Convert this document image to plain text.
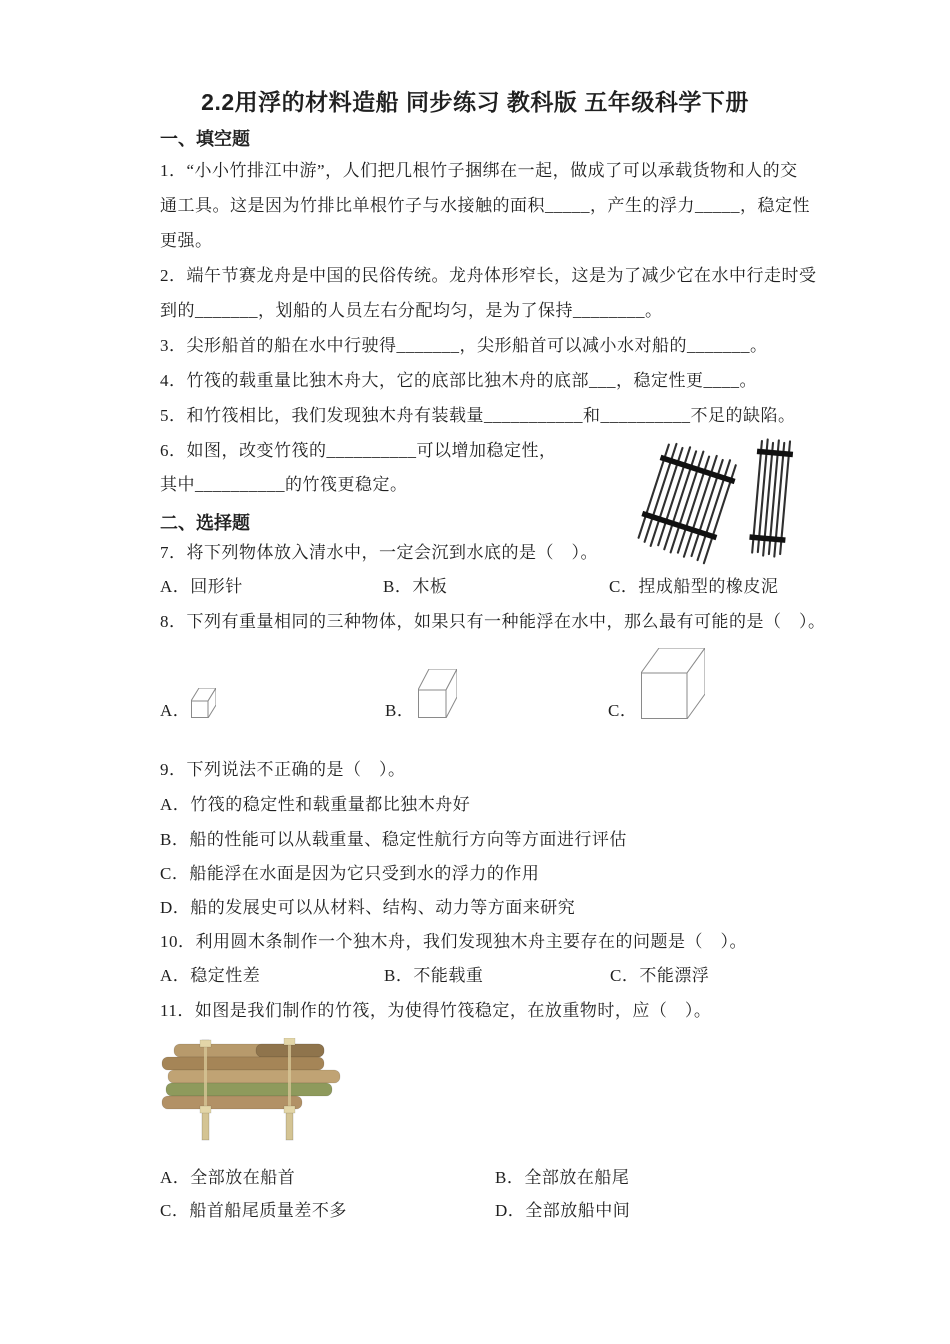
2.2用浮的材料造船 同步练习 教科版 五年级科学下册
一、填空题
1．“小小竹排江中游”，人们把几根竹子捆绑在一起，做成了可以承载货物和人的交
通工具。这是因为竹排比单根竹子与水接触的面积_____，产生的浮力_____，稳定性
更强。
2．端午节赛龙舟是中国的民俗传统。龙舟体形窄长，这是为了减少它在水中行走时受
到的_______，划船的人员左右分配均匀，是为了保持________。
3．尖形船首的船在水中行驶得_______，尖形船首可以减小水对船的_______。
4．竹筏的载重量比独木舟大，它的底部比独木舟的底部___，稳定性更____。
5．和竹筏相比，我们发现独木舟有装载量___________和__________不足的缺陷。
6．如图，改变竹筏的__________可以增加稳定性，
其中__________的竹筏更稳定。
二、选择题
7．将下列物体放入清水中，一定会沉到水底的是（　）。
A．回形针	B．木板	C．捏成船型的橡皮泥
8．下列有重量相同的三种物体，如果只有一种能浮在水中，那么最有可能的是（　）。
A．	B．	C．
9．下列说法不正确的是（　）。
A．竹筏的稳定性和载重量都比独木舟好
B．船的性能可以从载重量、稳定性航行方向等方面进行评估
C．船能浮在水面是因为它只受到水的浮力的作用
D．船的发展史可以从材料、结构、动力等方面来研究
10．利用圆木条制作一个独木舟，我们发现独木舟主要存在的问题是（　）。
A．稳定性差	B．不能载重	C．不能漂浮
11．如图是我们制作的竹筏，为使得竹筏稳定，在放重物时，应（　）。
A．全部放在船首	B．全部放在船尾
C．船首船尾质量差不多	D．全部放船中间
